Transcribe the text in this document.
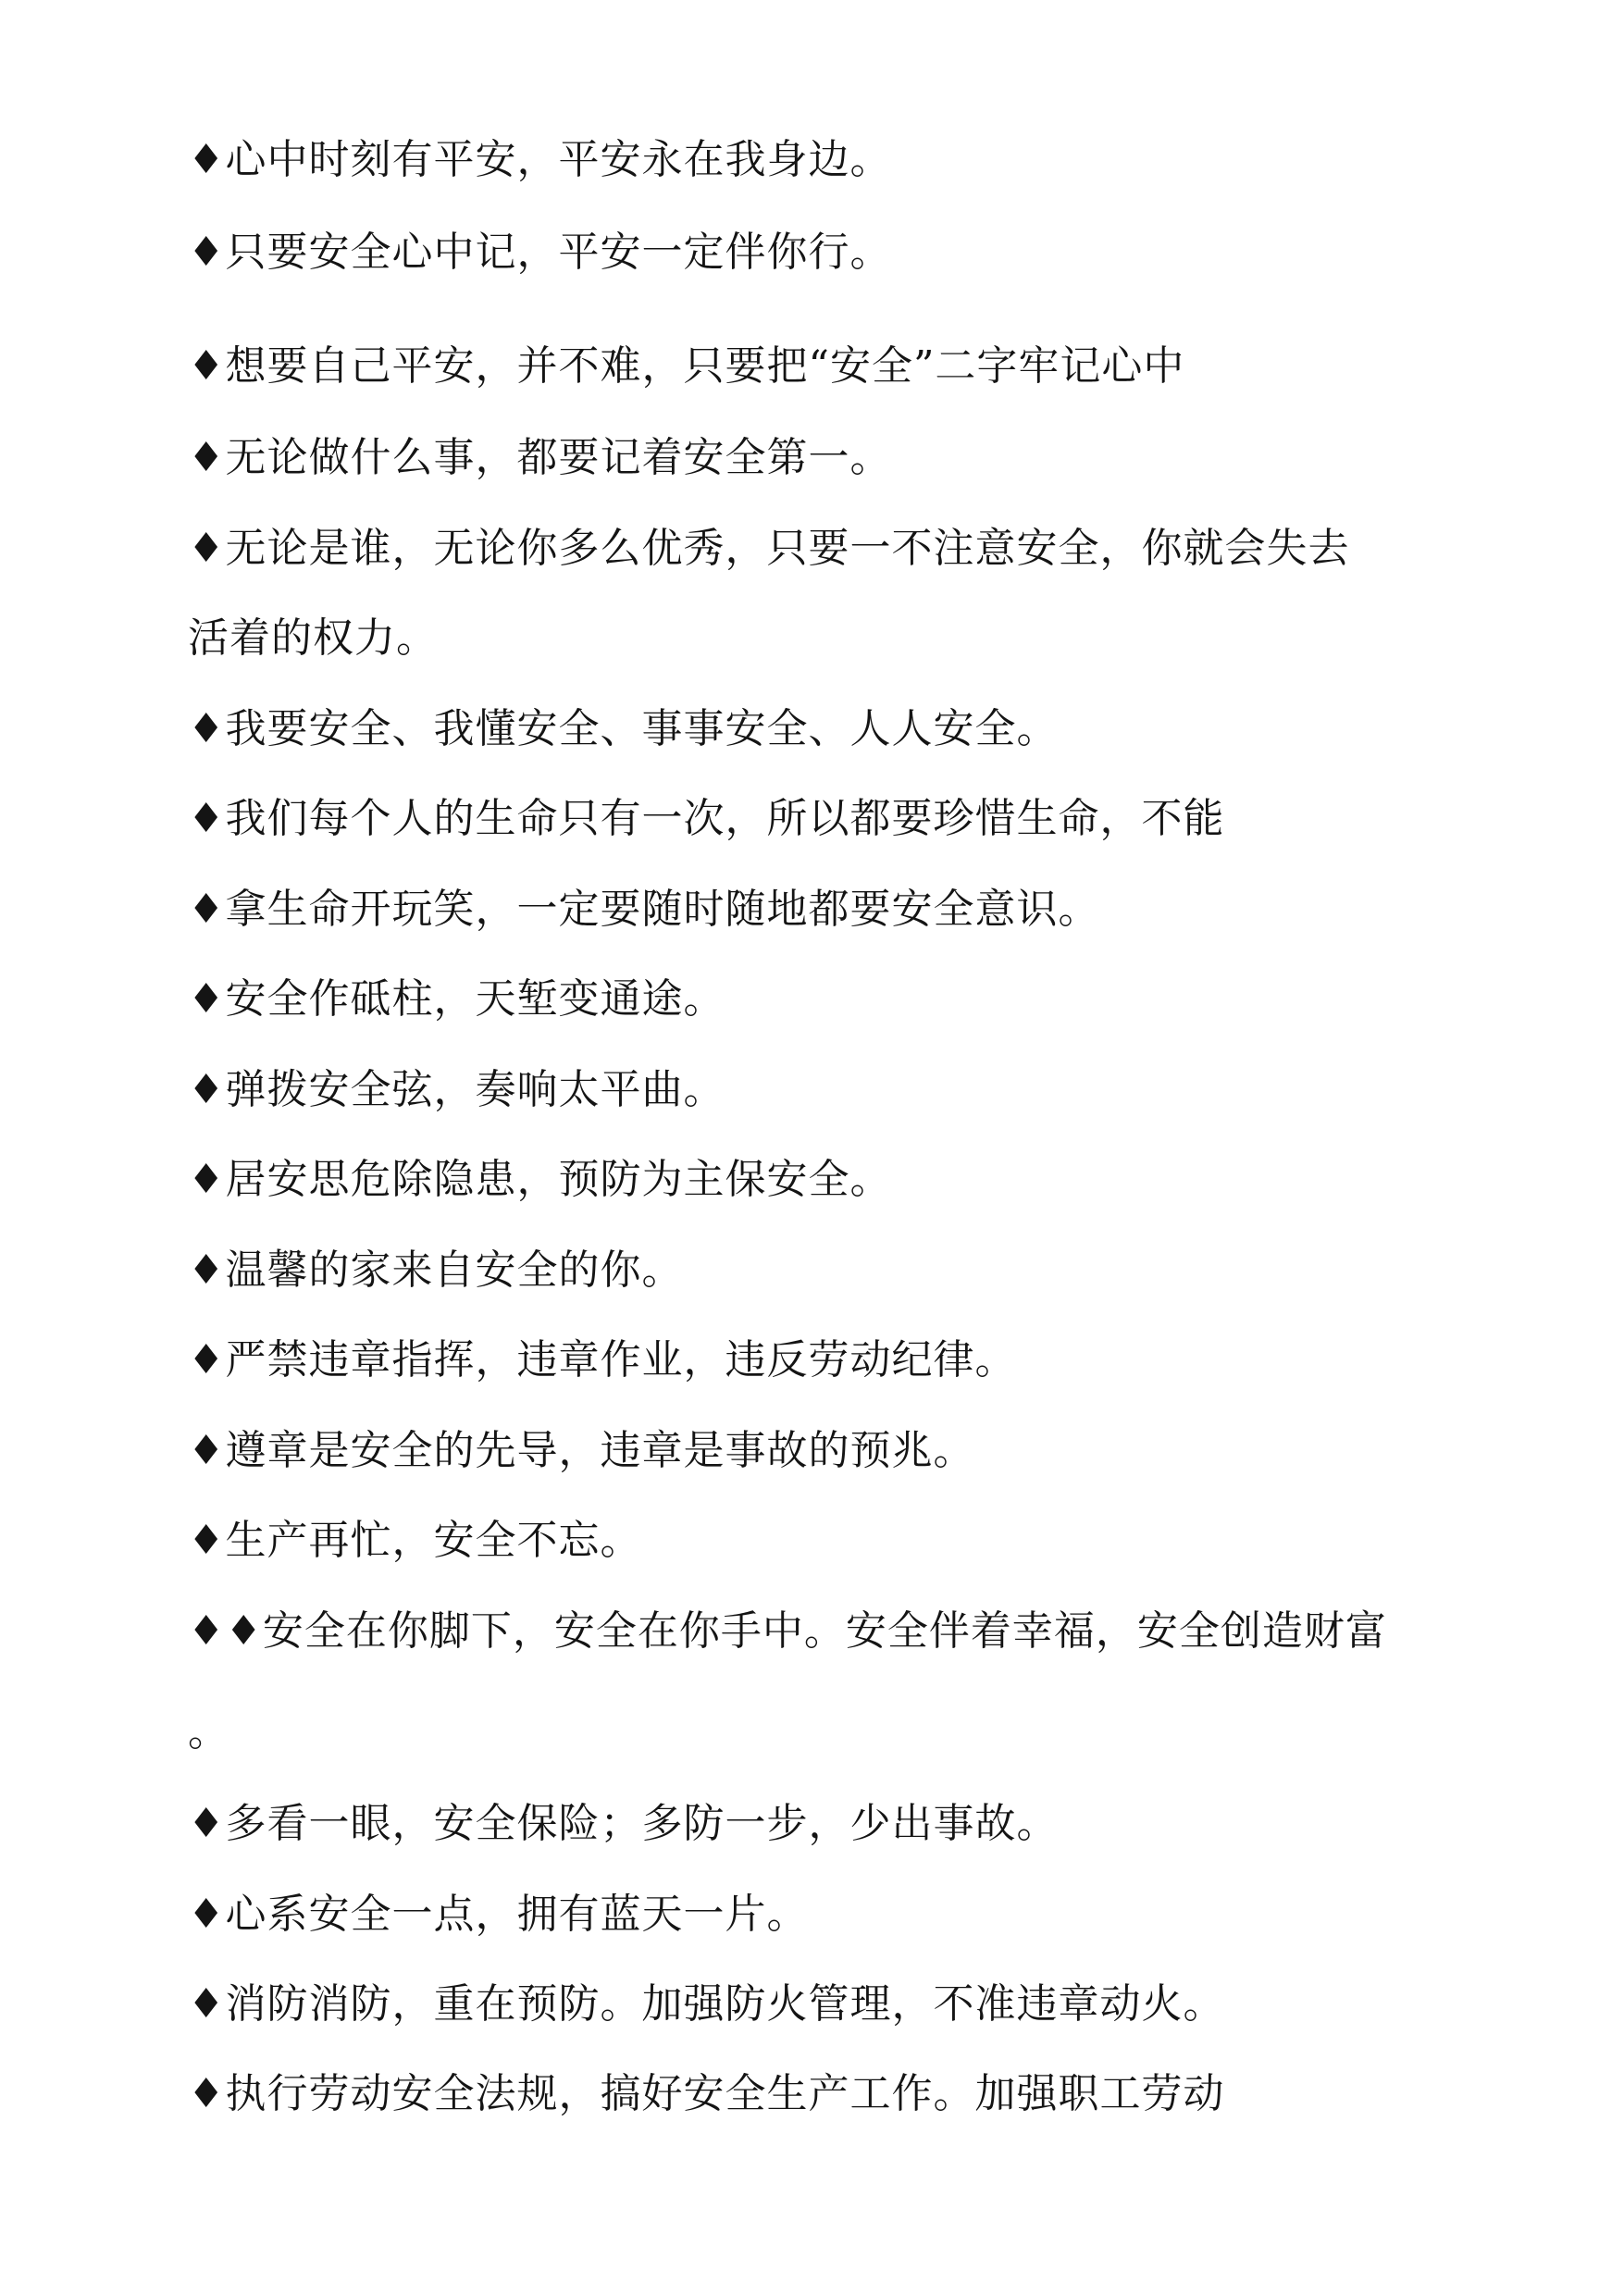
♦心中时刻有平安，平安永在我身边。
♦只要安全心中记，平安一定伴你行。
♦想要自己平安，并不难，只要把“安全”二字牢记心中
♦无论做什么事，都要记着安全第一。
♦无论是谁，无论你多么优秀，只要一不注意安全，你就会失去
活着的权力。
♦我要安全、我懂安全、事事安全、人人安全。
♦我们每个人的生命只有一次，所以都要珍惜生命，不能
♦拿生命开玩笑，一定要随时随地都要安全意识。
♦安全作砥柱，天堑变通途。
♦弹拨安全弦，奏响太平曲。
♦居安思危除隐患，预防为主保安全。
♦温馨的家来自安全的你。
♦严禁违章指挥，违章作业，违反劳动纪律。
♦遵章是安全的先导，违章是事故的预兆。
♦生产再忙，安全不忘。
♦♦安全在你脚下，安全在你手中。安全伴着幸福，安全创造财富
。
♦多看一眼，安全保险；多防一步，少出事故。
♦心系安全一点，拥有蓝天一片。
♦消防消防，重在预防。加强防火管理，不准违章动火。
♦执行劳动安全法规，搞好安全生产工作。加强职工劳动
